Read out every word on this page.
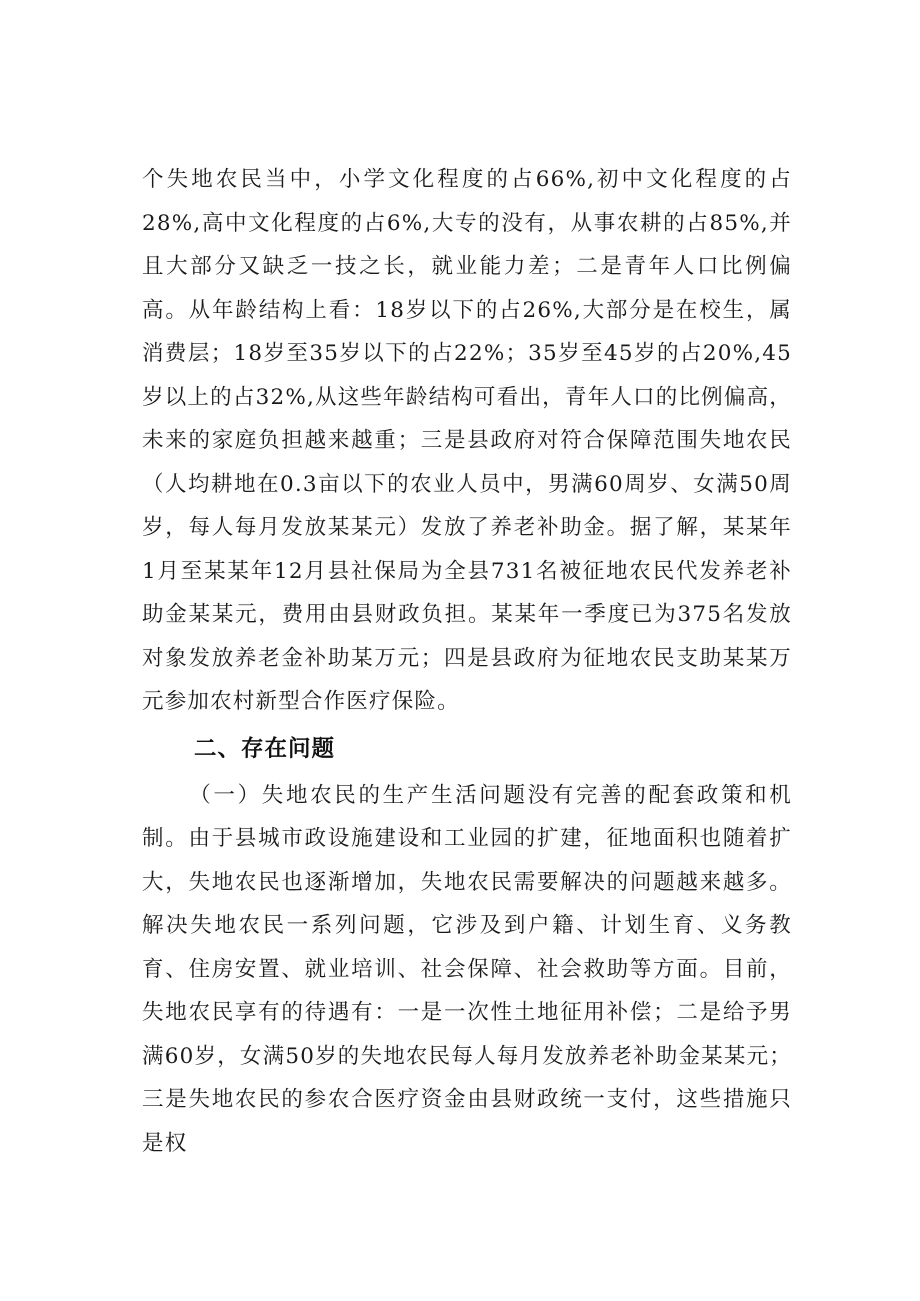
个失地农民当中，小学文化程度的占66%,初中文化程度的占28%,高中文化程度的占6%,大专的没有，从事农耕的占85%,并且大部分又缺乏一技之长，就业能力差；二是青年人口比例偏高。从年龄结构上看：18岁以下的占26%,大部分是在校生，属消费层；18岁至35岁以下的占22%；35岁至45岁的占20%,45岁以上的占32%,从这些年龄结构可看出，青年人口的比例偏高，未来的家庭负担越来越重；三是县政府对符合保障范围失地农民（人均耕地在0.3亩以下的农业人员中，男满60周岁、女满50周岁，每人每月发放某某元）发放了养老补助金。据了解，某某年1月至某某年12月县社保局为全县731名被征地农民代发养老补助金某某元，费用由县财政负担。某某年一季度已为375名发放对象发放养老金补助某万元；四是县政府为征地农民支助某某万元参加农村新型合作医疗保险。

二、存在问题

（一）失地农民的生产生活问题没有完善的配套政策和机制。由于县城市政设施建设和工业园的扩建，征地面积也随着扩大，失地农民也逐渐增加，失地农民需要解决的问题越来越多。解决失地农民一系列问题，它涉及到户籍、计划生育、义务教育、住房安置、就业培训、社会保障、社会救助等方面。目前，失地农民享有的待遇有：一是一次性土地征用补偿；二是给予男满60岁，女满50岁的失地农民每人每月发放养老补助金某某元；三是失地农民的参农合医疗资金由县财政统一支付，这些措施只是权
